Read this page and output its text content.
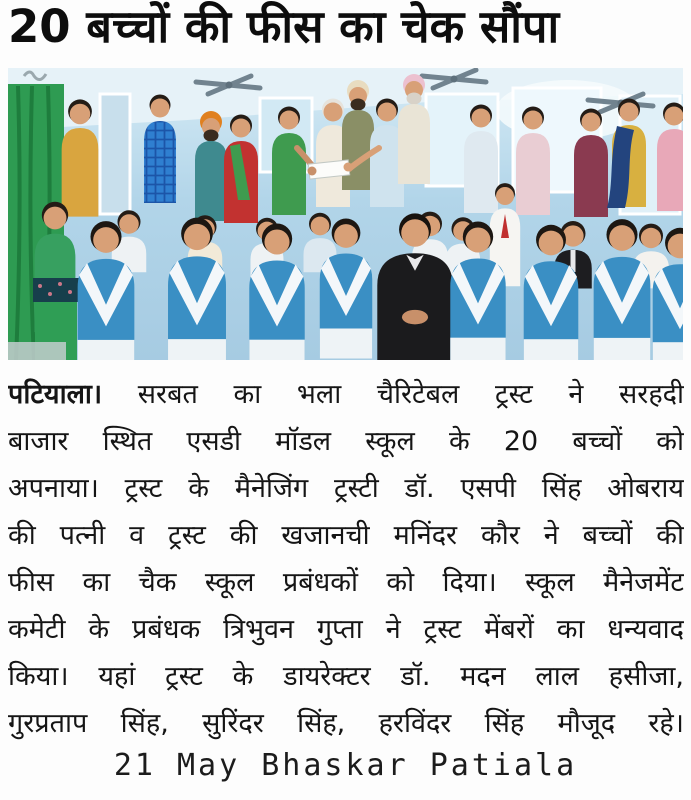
20 बच्चों की फीस का चेक सौंपा
पटियाला। सरबत का भला चैरिटेबल ट्रस्ट ने सरहदी
बाजार स्थित एसडी मॉडल स्कूल के 20 बच्चों को
अपनाया। ट्रस्ट के मैनेजिंग ट्रस्टी डॉ. एसपी सिंह ओबराय
की पत्नी व ट्रस्ट की खजानची मनिंदर कौर ने बच्चों की
फीस का चैक स्कूल प्रबंधकों को दिया। स्कूल मैनेजमेंट
कमेटी के प्रबंधक त्रिभुवन गुप्ता ने ट्रस्ट मेंबरों का धन्यवाद
किया। यहां ट्रस्ट के डायरेक्टर डॉ. मदन लाल हसीजा,
गुरप्रताप सिंह, सुरिंदर सिंह, हरविंदर सिंह मौजूद रहे।

21 May Bhaskar Patiala
